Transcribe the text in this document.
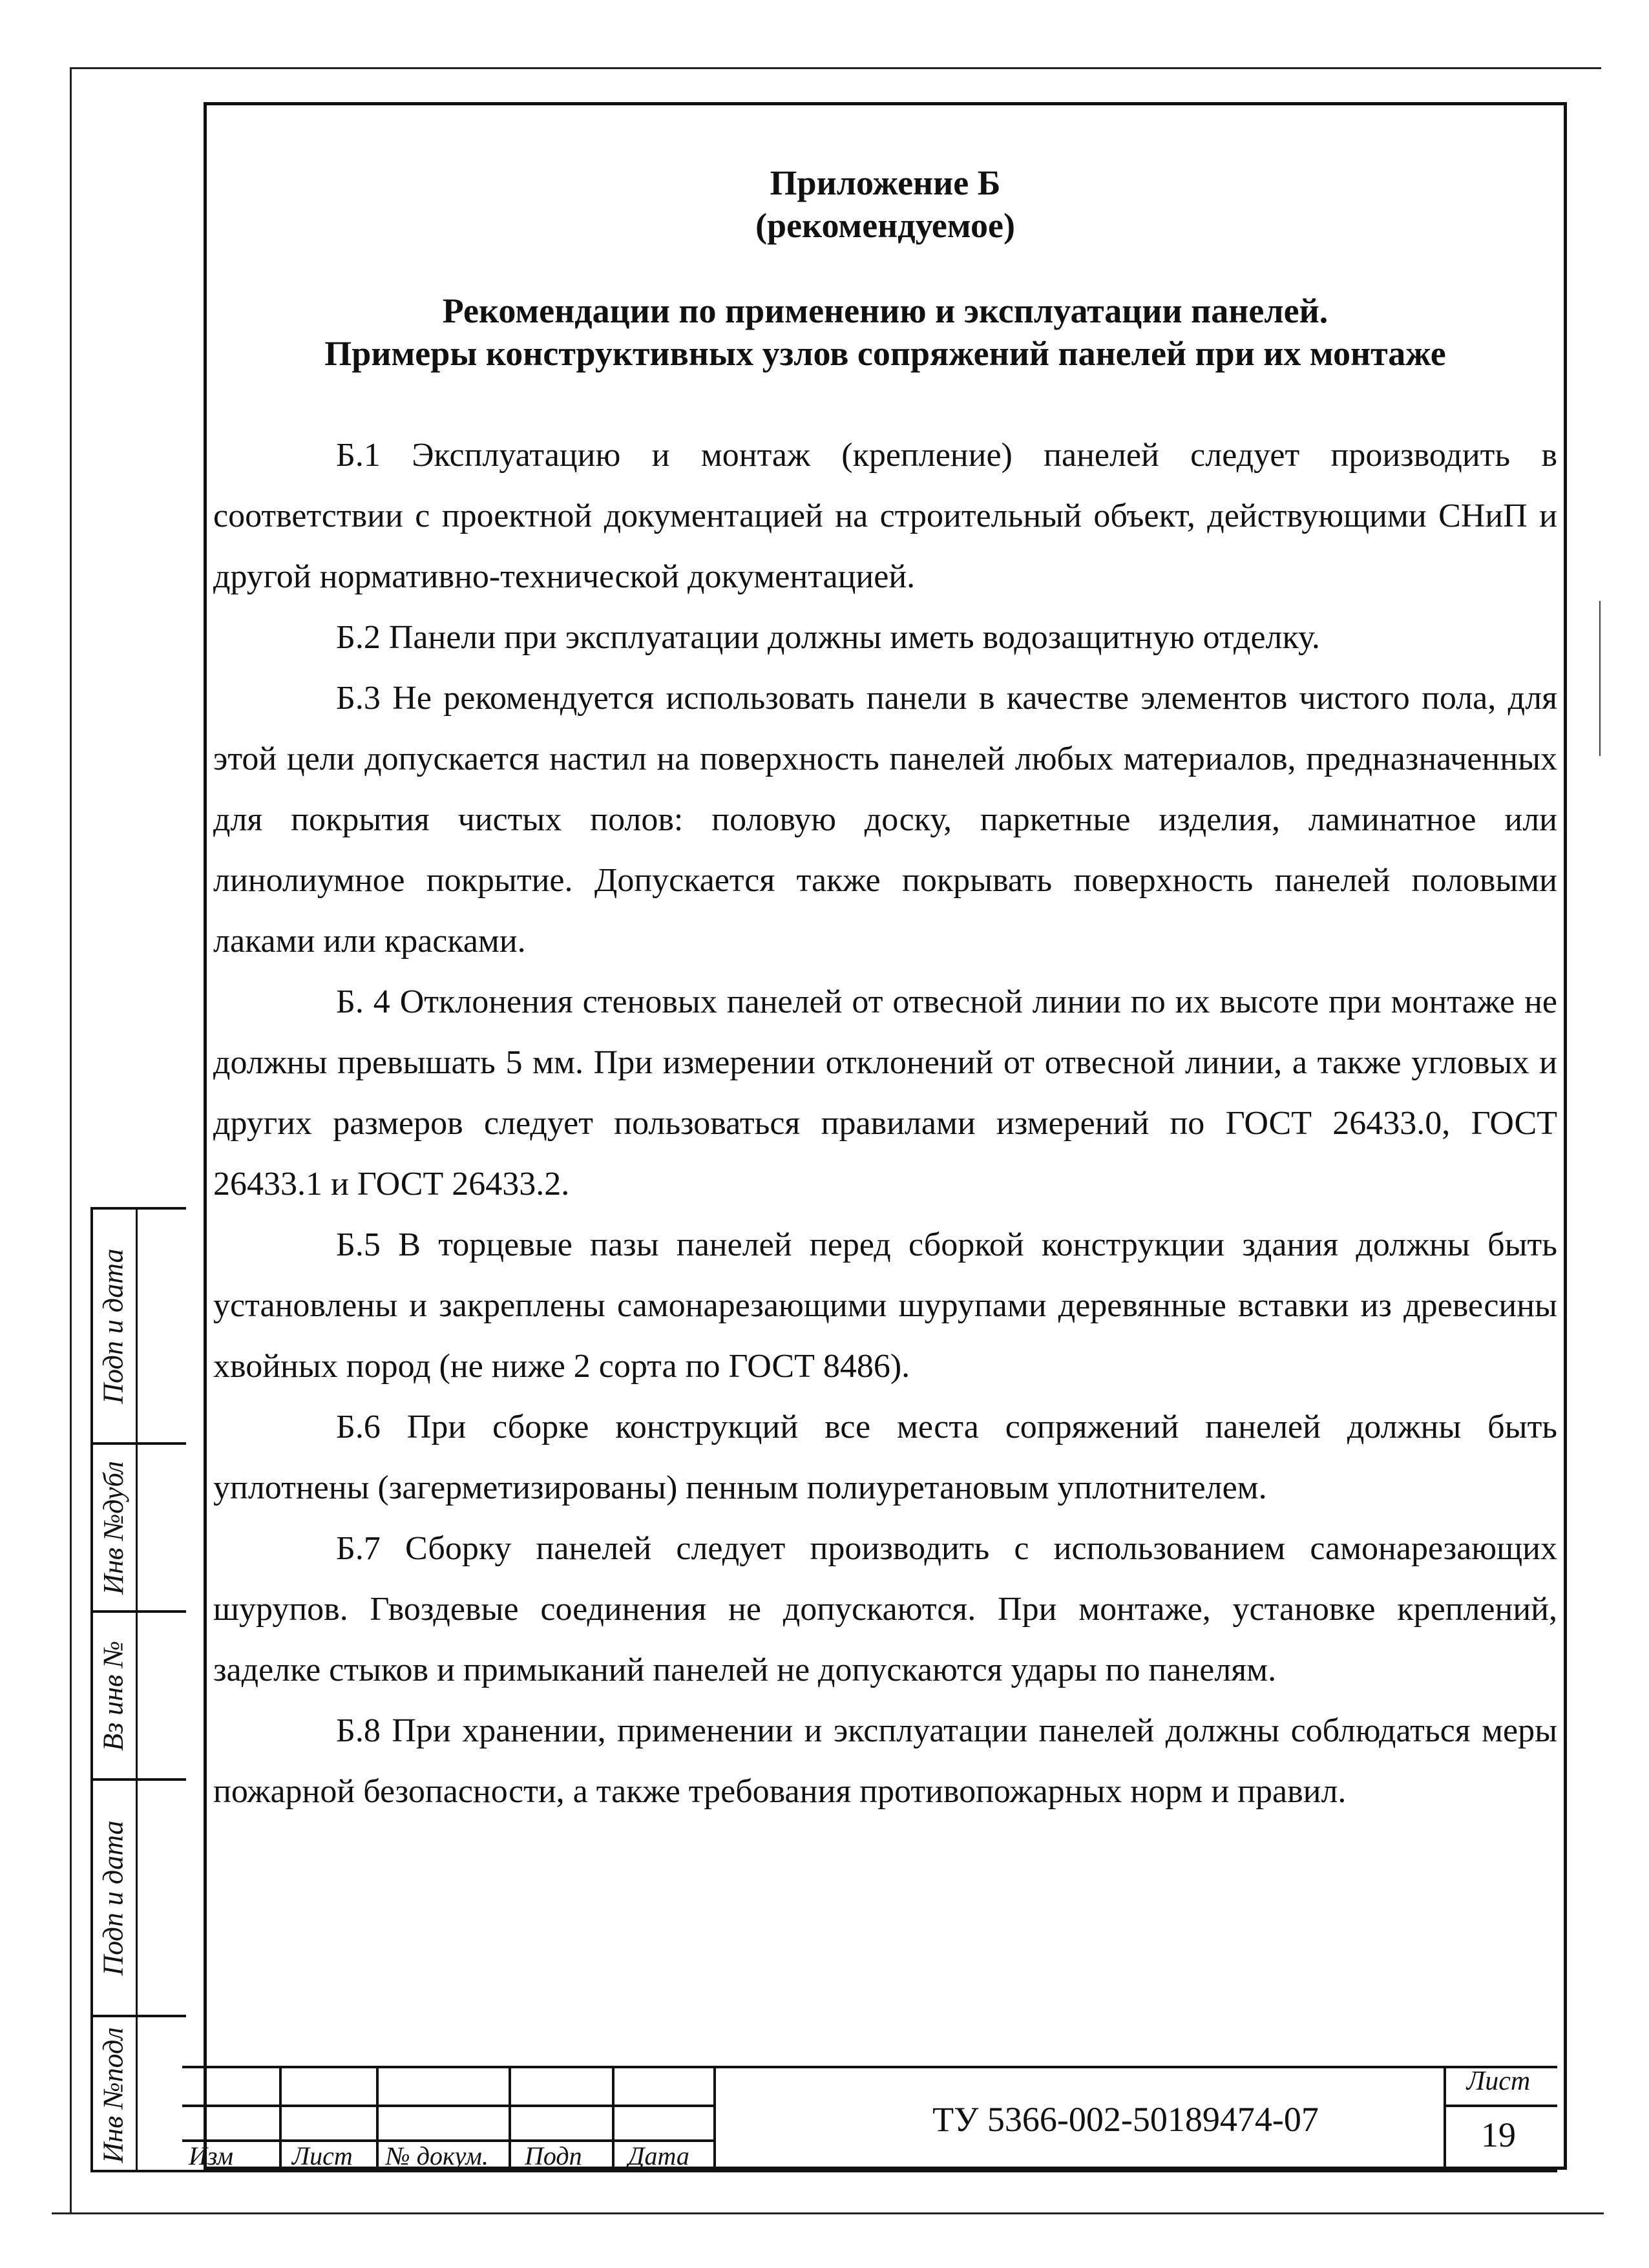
Подп и дата
Инв №дубл
Вз инв №
Подп и дата
Инв №подл

Приложение Б

(рекомендуемое)

Рекомендации по применению и эксплуатации панелей.

Примеры конструктивных узлов сопряжений панелей при их монтаже

Б.1 Эксплуатацию и монтаж (крепление) панелей следует производить в соответствии с проектной документацией на строительный объект, действующими СНиП и другой нормативно-технической документацией.

Б.2 Панели при эксплуатации должны иметь водозащитную отделку.

Б.3 Не рекомендуется использовать панели в качестве элементов чистого пола, для этой цели допускается настил на поверхность панелей любых материалов, предназначенных для покрытия чистых полов: половую доску, паркетные изделия, ламинатное или линолиумное покрытие. Допускается также покрывать поверхность панелей половыми лаками или красками.

Б. 4 Отклонения стеновых панелей от отвесной линии по их высоте при монтаже не должны превышать 5 мм. При измерении отклонений от отвесной линии, а также угловых и других размеров следует пользоваться правилами измерений по ГОСТ 26433.0, ГОСТ 26433.1 и ГОСТ 26433.2.

Б.5 В торцевые пазы панелей перед сборкой конструкции здания должны быть установлены и закреплены самонарезающими шурупами деревянные вставки из древесины хвойных пород (не ниже 2 сорта по ГОСТ 8486).

Б.6 При сборке конструкций все места сопряжений панелей должны быть уплотнены (загерметизированы) пенным полиуретановым уплотнителем.

Б.7 Сборку панелей следует производить с использованием самонарезающих шурупов. Гвоздевые соединения не допускаются. При монтаже, установке креплений, заделке стыков и примыканий панелей не допускаются удары по панелям.

Б.8 При хранении, применении и эксплуатации панелей должны соблюдаться меры пожарной безопасности, а также требования противопожарных норм и правил.

Изм Лист № докум. Подп Дата
ТУ 5366-002-50189474-07
Лист
19
